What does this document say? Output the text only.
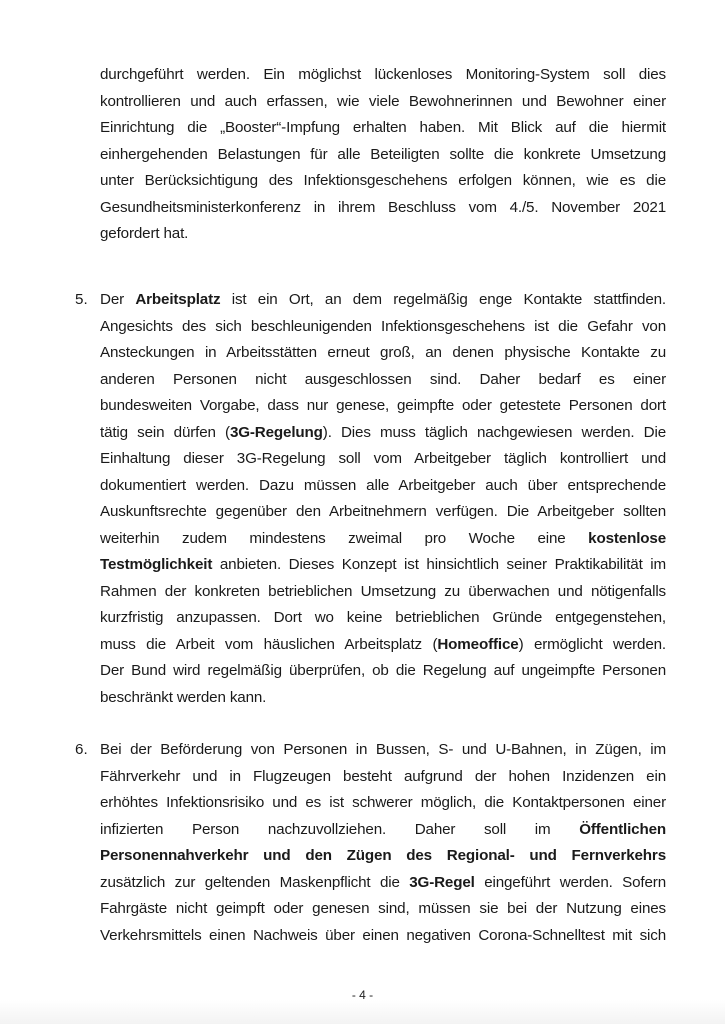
durchgeführt werden. Ein möglichst lückenloses Monitoring-System soll dies
kontrollieren und auch erfassen, wie viele Bewohnerinnen und Bewohner einer
Einrichtung die „Booster“-Impfung erhalten haben. Mit Blick auf die hiermit
einhergehenden Belastungen für alle Beteiligten sollte die konkrete Umsetzung
unter Berücksichtigung des Infektionsgeschehens erfolgen können, wie es die
Gesundheitsministerkonferenz in ihrem Beschluss vom 4./5. November 2021
gefordert hat.
5. Der Arbeitsplatz ist ein Ort, an dem regelmäßig enge Kontakte stattfinden.
Angesichts des sich beschleunigenden Infektionsgeschehens ist die Gefahr von
Ansteckungen in Arbeitsstätten erneut groß, an denen physische Kontakte zu
anderen Personen nicht ausgeschlossen sind. Daher bedarf es einer
bundesweiten Vorgabe, dass nur genese, geimpfte oder getestete Personen dort
tätig sein dürfen (3G-Regelung). Dies muss täglich nachgewiesen werden. Die
Einhaltung dieser 3G-Regelung soll vom Arbeitgeber täglich kontrolliert und
dokumentiert werden. Dazu müssen alle Arbeitgeber auch über entsprechende
Auskunftsrechte gegenüber den Arbeitnehmern verfügen. Die Arbeitgeber sollten
weiterhin zudem mindestens zweimal pro Woche eine kostenlose
Testmöglichkeit anbieten. Dieses Konzept ist hinsichtlich seiner Praktikabilität im
Rahmen der konkreten betrieblichen Umsetzung zu überwachen und nötigenfalls
kurzfristig anzupassen. Dort wo keine betrieblichen Gründe entgegenstehen,
muss die Arbeit vom häuslichen Arbeitsplatz (Homeoffice) ermöglicht werden.
Der Bund wird regelmäßig überprüfen, ob die Regelung auf ungeimpfte Personen
beschränkt werden kann.
6. Bei der Beförderung von Personen in Bussen, S- und U-Bahnen, in Zügen, im
Fährverkehr und in Flugzeugen besteht aufgrund der hohen Inzidenzen ein
erhöhtes Infektionsrisiko und es ist schwerer möglich, die Kontaktpersonen einer
infizierten Person nachzuvollziehen. Daher soll im Öffentlichen
Personennahverkehr und den Zügen des Regional- und Fernverkehrs
zusätzlich zur geltenden Maskenpflicht die 3G-Regel eingeführt werden. Sofern
Fahrgäste nicht geimpft oder genesen sind, müssen sie bei der Nutzung eines
Verkehrsmittels einen Nachweis über einen negativen Corona-Schnelltest mit sich
- 4 -
